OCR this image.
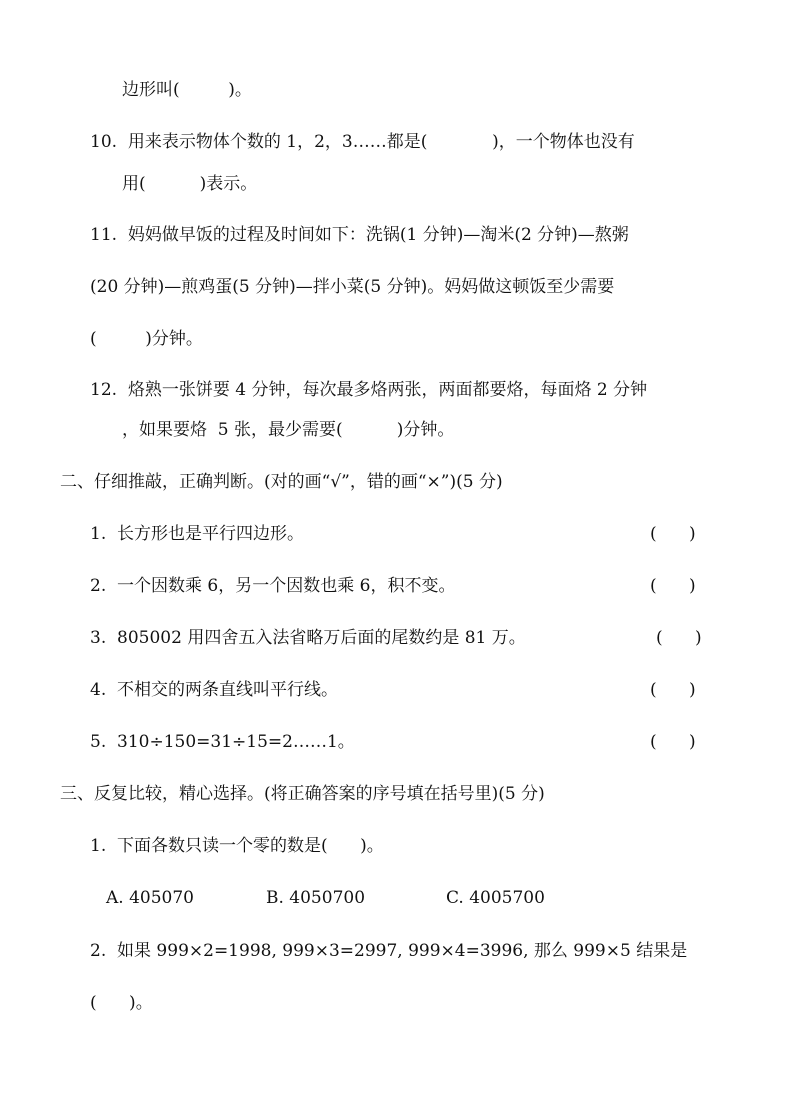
边形叫(         )。
10.  用来表示物体个数的 1，2，3……都是(            )，一个物体也没有
用(          )表示。
11.  妈妈做早饭的过程及时间如下：洗锅(1 分钟)—淘米(2 分钟)—熬粥
(20 分钟)—煎鸡蛋(5 分钟)—拌小菜(5 分钟)。妈妈做这顿饭至少需要
(         )分钟。
12.  烙熟一张饼要 4 分钟，每次最多烙两张，两面都要烙，每面烙 2 分钟
，如果要烙  5 张，最少需要(          )分钟。
二、仔细推敲，正确判断。(对的画“√”，错的画“×”)(5 分)
1.  长方形也是平行四边形。	(      )
2.  一个因数乘 6，另一个因数也乘 6，积不变。	(      )
3.  805002 用四舍五入法省略万后面的尾数约是 81 万。	(      )
4.  不相交的两条直线叫平行线。	(      )
5.  310÷150=31÷15=2……1。	(      )
三、反复比较，精心选择。(将正确答案的序号填在括号里)(5 分)
1.  下面各数只读一个零的数是(      )。
A. 405070	B. 4050700	C. 4005700
2.  如果 999×2=1998, 999×3=2997, 999×4=3996, 那么 999×5 结果是
(      )。
